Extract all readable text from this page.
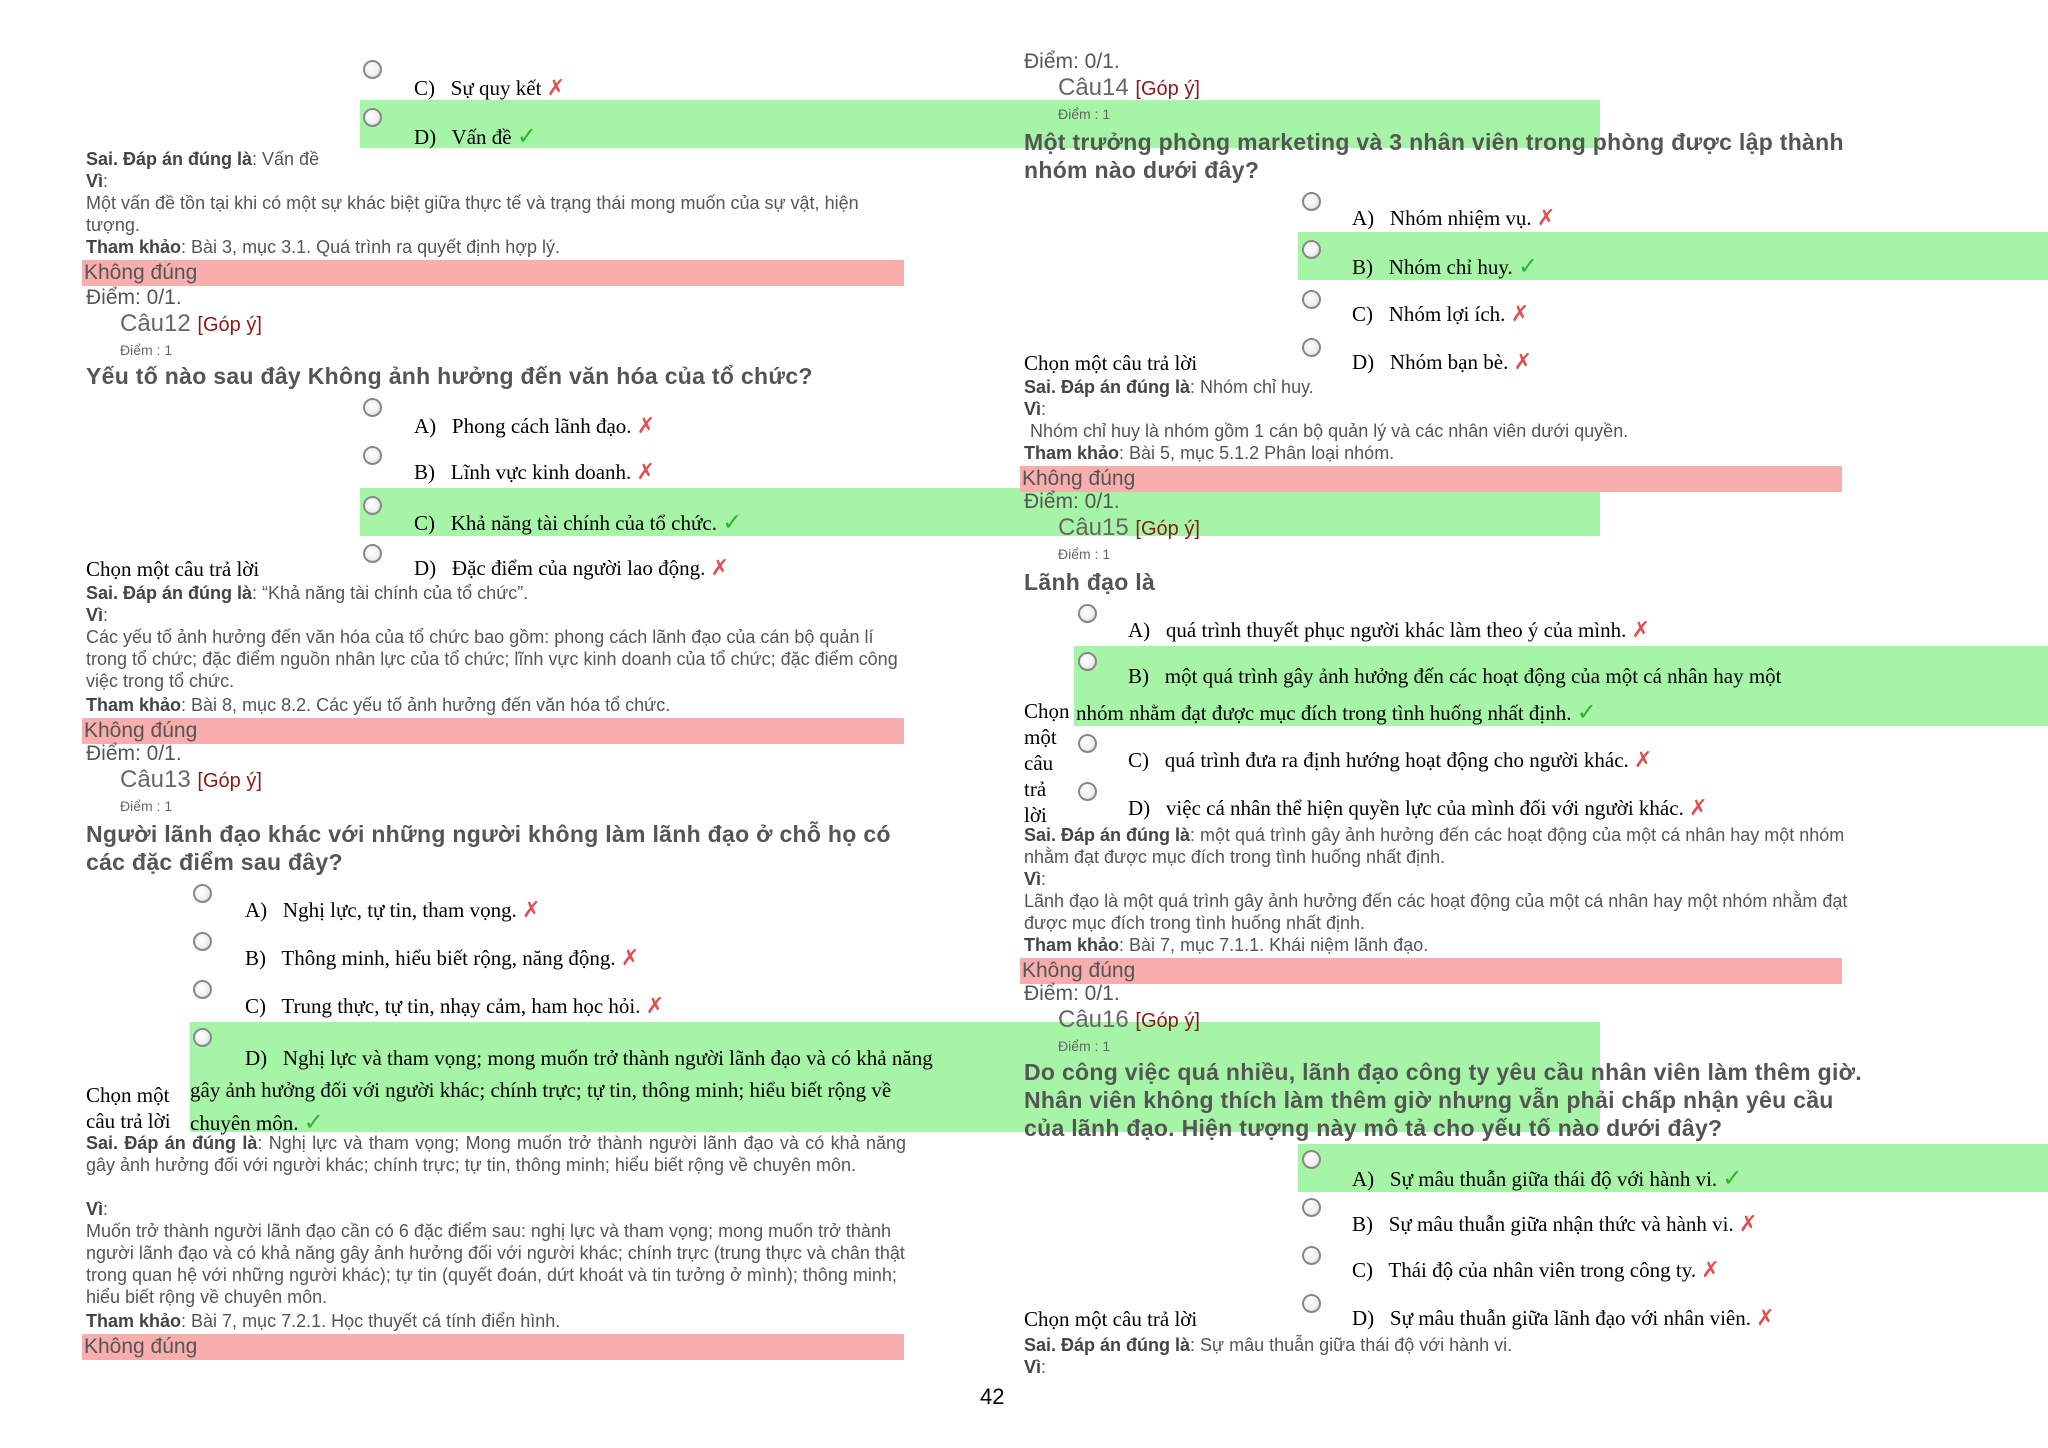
C) Sự quy kết ✗
D) Vấn đề ✓
Sai. Đáp án đúng là: Vấn đề
Vì:
Một vấn đề tồn tại khi có một sự khác biệt giữa thực tế và trạng thái mong muốn của sự vật, hiện tượng.
Tham khảo: Bài 3, mục 3.1. Quá trình ra quyết định hợp lý.
Không đúng
Điểm: 0/1.
Câu12 [Góp ý]
Điểm : 1
Yếu tố nào sau đây Không ảnh hưởng đến văn hóa của tổ chức?
A) Phong cách lãnh đạo. ✗
B) Lĩnh vực kinh doanh. ✗
C) Khả năng tài chính của tổ chức. ✓
Chọn một câu trả lời	D) Đặc điểm của người lao động. ✗
Sai. Đáp án đúng là: “Khả năng tài chính của tổ chức”.
Vì:
Các yếu tố ảnh hưởng đến văn hóa của tổ chức bao gồm: phong cách lãnh đạo của cán bộ quản lí trong tổ chức; đặc điểm nguồn nhân lực của tổ chức; lĩnh vực kinh doanh của tổ chức; đặc điểm công việc trong tổ chức.
Tham khảo: Bài 8, mục 8.2. Các yếu tố ảnh hưởng đến văn hóa tổ chức.
Không đúng
Điểm: 0/1.
Câu13 [Góp ý]
Điểm : 1
Người lãnh đạo khác với những người không làm lãnh đạo ở chỗ họ có các đặc điểm sau đây?
A) Nghị lực, tự tin, tham vọng. ✗
B) Thông minh, hiểu biết rộng, năng động. ✗
C) Trung thực, tự tin, nhạy cảm, ham học hỏi. ✗
Chọn một
câu trả lời
D) Nghị lực và tham vọng; mong muốn trở thành người lãnh đạo và có khả năng gây ảnh hưởng đối với người khác; chính trực; tự tin, thông minh; hiểu biết rộng về chuyên môn. ✓
Sai. Đáp án đúng là: Nghị lực và tham vọng; Mong muốn trở thành người lãnh đạo và có khả năng gây ảnh hưởng đối với người khác; chính trực; tự tin, thông minh; hiểu biết rộng về chuyên môn.
Vì:
Muốn trở thành người lãnh đạo cần có 6 đặc điểm sau: nghị lực và tham vọng; mong muốn trở thành người lãnh đạo và có khả năng gây ảnh hưởng đối với người khác; chính trực (trung thực và chân thật trong quan hệ với những người khác); tự tin (quyết đoán, dứt khoát và tin tưởng ở mình); thông minh; hiểu biết rộng về chuyên môn.
Tham khảo: Bài 7, mục 7.2.1. Học thuyết cá tính điển hình.
Không đúng
Điểm: 0/1.
Câu14 [Góp ý]
Điểm : 1
Một trưởng phòng marketing và 3 nhân viên trong phòng được lập thành nhóm nào dưới đây?
A) Nhóm nhiệm vụ. ✗
B) Nhóm chỉ huy. ✓
C) Nhóm lợi ích. ✗
Chọn một câu trả lời	D) Nhóm bạn bè. ✗
Sai. Đáp án đúng là: Nhóm chỉ huy.
Vì:
Nhóm chỉ huy là nhóm gồm 1 cán bộ quản lý và các nhân viên dưới quyền.
Tham khảo: Bài 5, mục 5.1.2 Phân loại nhóm.
Không đúng
Điểm: 0/1.
Câu15 [Góp ý]
Điểm : 1
Lãnh đạo là
A) quá trình thuyết phục người khác làm theo ý của mình. ✗
B) một quá trình gây ảnh hưởng đến các hoạt động của một cá nhân hay một
nhóm nhằm đạt được mục đích trong tình huống nhất định. ✓
Chọn
một
câu
trả
lời
C) quá trình đưa ra định hướng hoạt động cho người khác. ✗
D) việc cá nhân thể hiện quyền lực của mình đối với người khác. ✗
Sai. Đáp án đúng là: một quá trình gây ảnh hưởng đến các hoạt động của một cá nhân hay một nhóm nhằm đạt được mục đích trong tình huống nhất định.
Vì:
Lãnh đạo là một quá trình gây ảnh hưởng đến các hoạt động của một cá nhân hay một nhóm nhằm đạt được mục đích trong tình huống nhất định.
Tham khảo: Bài 7, mục 7.1.1. Khái niệm lãnh đạo.
Không đúng
Điểm: 0/1.
Câu16 [Góp ý]
Điểm : 1
Do công việc quá nhiều, lãnh đạo công ty yêu cầu nhân viên làm thêm giờ. Nhân viên không thích làm thêm giờ nhưng vẫn phải chấp nhận yêu cầu của lãnh đạo. Hiện tượng này mô tả cho yếu tố nào dưới đây?
A) Sự mâu thuẫn giữa thái độ với hành vi. ✓
B) Sự mâu thuẫn giữa nhận thức và hành vi. ✗
C) Thái độ của nhân viên trong công ty. ✗
Chọn một câu trả lời	D) Sự mâu thuẫn giữa lãnh đạo với nhân viên. ✗
Sai. Đáp án đúng là: Sự mâu thuẫn giữa thái độ với hành vi.
Vì:
42
